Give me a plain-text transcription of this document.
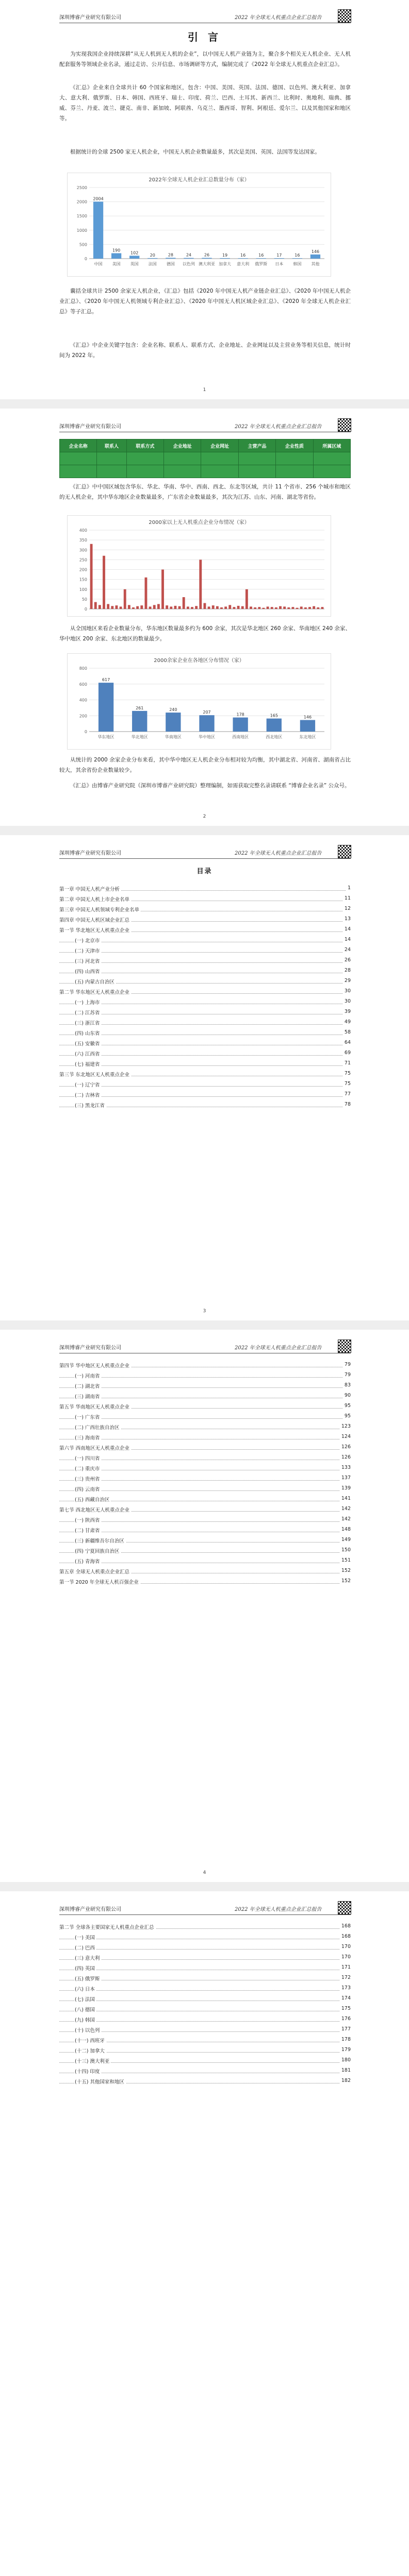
深圳博睿产业研究有限公司	2022 年全球无人机重点企业汇总报告
引 言
为实现我国企业持续深耕“从无人机到无人机的企业”，以中国无人机产业链为主，聚合多个相关无人机企业、无人机配套服务等领域企业名录，通过走访、公开信息、市场调研等方式，编制完成了《2022 年全球无人机重点企业汇总》。
《汇总》企业来自全球共计 60 个国家和地区，包含：中国、美国、英国、法国、德国、以色列、澳大利亚、加拿大、意大利、俄罗斯、日本、韩国、西班牙、瑞士、印度、荷兰、巴西、土耳其、新西兰、比利时、奥地利、瑞典、挪威、芬兰、丹麦、波兰、捷克、南非、新加坡、阿联酋、乌克兰、墨西哥、智利、阿根廷、爱尔兰、以及其他国家和地区等。
根据统计的全球 2500 家无人机企业，中国无人机企业数量最多，其次是美国、英国、法国等发达国家。
2022年全球无人机企业汇总数量分布（家）
0
500
1000
1500
2000
2500
2004
中国
190
美国
102
英国
20
法国
28
德国
24
以色列
26
澳大利亚
19
加拿大
16
意大利
16
俄罗斯
17
日本
16
韩国
146
其他
囊括全球共计 2500 余家无人机企业，《汇总》包括《2020 年中国无人机产业链企业汇总》、《2020 年中国无人机企业汇总》、《2020 年中国无人机领域专利企业汇总》、《2020 年中国无人机区域企业汇总》、《2020 年全球无人机企业汇总》等子汇总。
《汇总》中企业关键字包含：企业名称、联系人、联系方式、企业地址、企业网址以及主营业务等相关信息，统计时间为 2022 年。
1
深圳博睿产业研究有限公司	2022 年全球无人机重点企业汇总报告
企业名称	联系人	联系方式	企业地址	企业网址	主营产品	企业性质	所属区域

《汇总》中中国区域包含华东、华北、华南、华中、西南、西北、东北等区域，共计 11 个省市、256 个城市和地区的无人机企业，其中华东地区企业数量最多，广东省企业数量最多，其次为江苏、山东、河南、湖北等省份。
2000家以上无人机重点企业分布情况（家）
0
50
100
150
200
250
300
350
400
从全国地区来看企业数量分布，华东地区数量最多约为 600 余家，其次是华北地区 260 余家、华南地区 240 余家、华中地区 200 余家、东北地区的数量最少。
2000余家企业在各地区分布情况（家）
0
200
400
600
800
617
华东地区
261
华北地区
240
华南地区
207
华中地区
178
西南地区
165
西北地区
146
东北地区
从统计的 2000 余家企业分布来看，其中华中地区无人机企业分布相对较为均衡，其中湖北省、河南省、湖南省占比较大，其余省份企业数量较少。
《汇总》由博睿产业研究院（深圳市博睿产业研究院）整理编制，如需获取完整名录请联系 “博睿企业名录” 公众号。
2
深圳博睿产业研究有限公司	2022 年全球无人机重点企业汇总报告
目录
第一章 中国无人机产业分析	1
第二章 中国无人机上市企业名单	11
第三章 中国无人机领域专利企业名单	12
第四章 中国无人机区域企业汇总	13
第一节 华北地区无人机重点企业	14
(一) 北京市	14
(二) 天津市	24
(三) 河北省	26
(四) 山西省	28
(五) 内蒙古自治区	29
第二节 华东地区无人机重点企业	30
(一) 上海市	30
(二) 江苏省	39
(三) 浙江省	49
(四) 山东省	58
(五) 安徽省	64
(六) 江西省	69
(七) 福建省	71
第三节 东北地区无人机重点企业	75
(一) 辽宁省	75
(二) 吉林省	77
(三) 黑龙江省	78
3
深圳博睿产业研究有限公司	2022 年全球无人机重点企业汇总报告
第四节 华中地区无人机重点企业	79
(一) 河南省	79
(二) 湖北省	83
(三) 湖南省	90
第五节 华南地区无人机重点企业	95
(一) 广东省	95
(二) 广西壮族自治区	123
(三) 海南省	124
第六节 西南地区无人机重点企业	126
(一) 四川省	126
(二) 重庆市	133
(三) 贵州省	137
(四) 云南省	139
(五) 西藏自治区	141
第七节 西北地区无人机重点企业	142
(一) 陕西省	142
(二) 甘肃省	148
(三) 新疆维吾尔自治区	149
(四) 宁夏回族自治区	150
(五) 青海省	151
第五章 全球无人机重点企业汇总	152
第一节 2020 年全球无人机百强企业	152
4
深圳博睿产业研究有限公司	2022 年全球无人机重点企业汇总报告
第二节 全球各主要国家无人机重点企业汇总	168
(一) 美国	168
(二) 巴西	170
(三) 意大利	170
(四) 英国	171
(五) 俄罗斯	172
(六) 日本	173
(七) 法国	174
(八) 德国	175
(九) 韩国	176
(十) 以色列	177
(十一) 西班牙	178
(十二) 加拿大	179
(十三) 澳大利亚	180
(十四) 印度	181
(十五) 其他国家和地区	182
